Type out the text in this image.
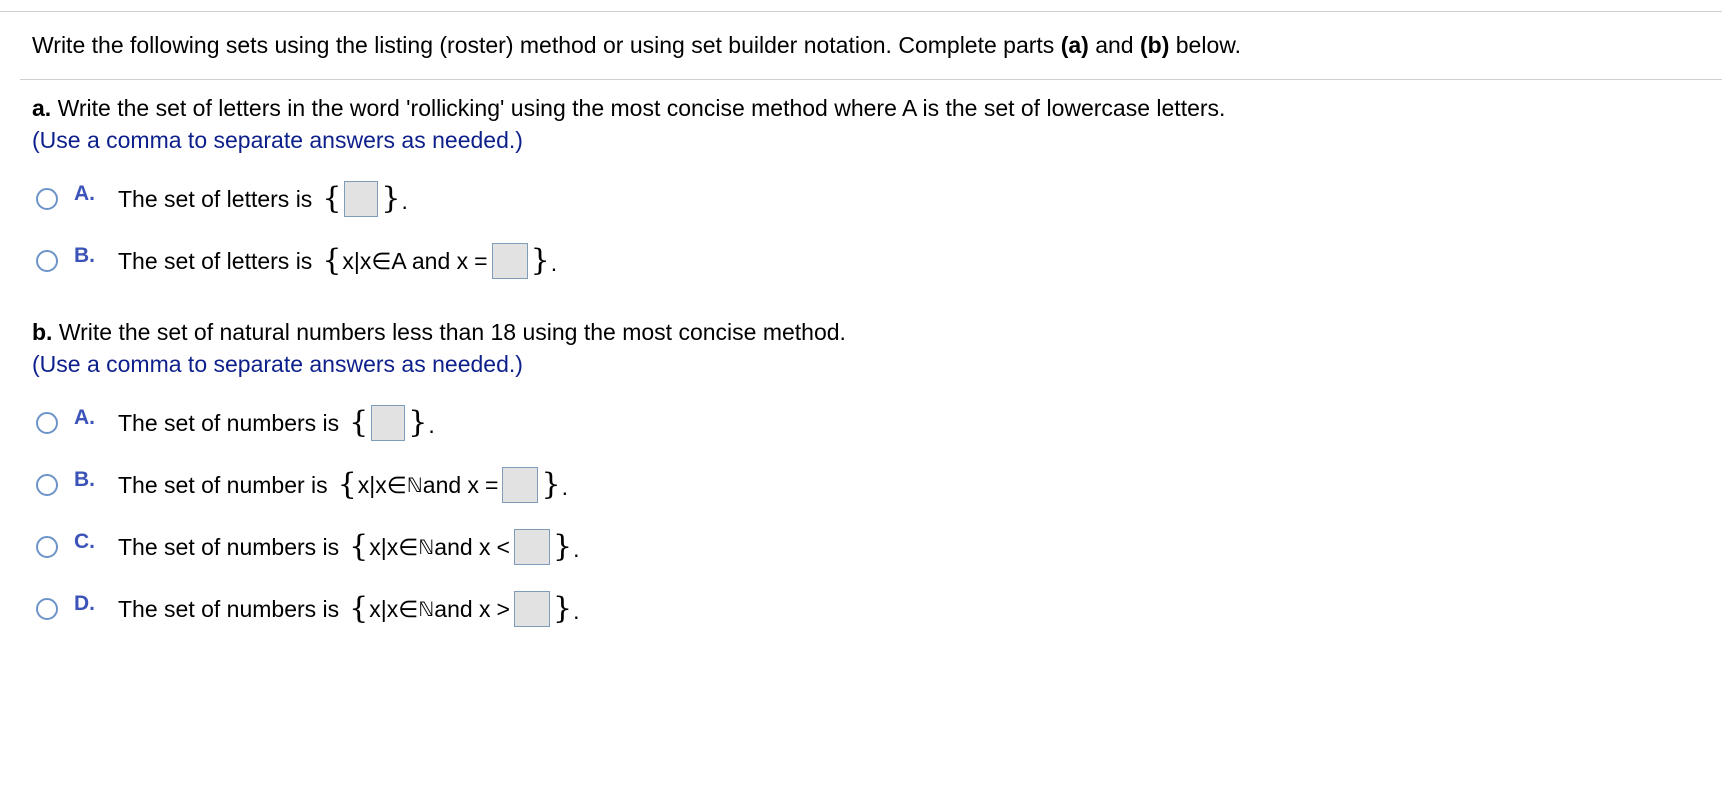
Write the following sets using the listing (roster) method or using set builder notation. Complete parts (a) and (b) below.
a. Write the set of letters in the word 'rollicking' using the most concise method where A is the set of lowercase letters.
(Use a comma to separate answers as needed.)
A.	The set of letters is { } .
B.	The set of letters is { x|x∈A and x = } .
b. Write the set of natural numbers less than 18 using the most concise method.
(Use a comma to separate answers as needed.)
A.	The set of numbers is { } .
B.	The set of number is { x|x∈ ℕ and x = } .
C.	The set of numbers is { x|x∈ ℕ and x < } .
D.	The set of numbers is { x|x∈ ℕ and x > } .
